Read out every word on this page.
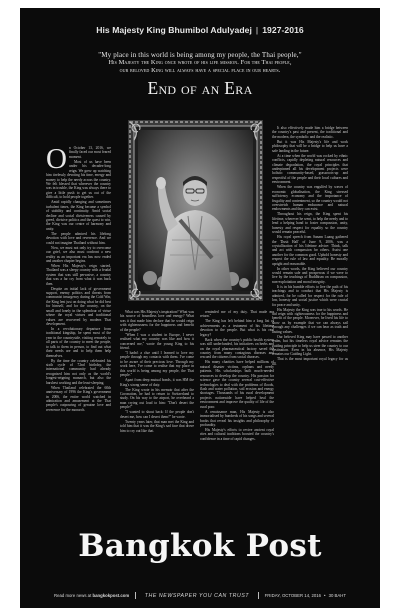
His Majesty King Bhumibol Adulyadej | 1927-2016
"My place in this world is being among my people, the Thai people,"
His Majesty the King once wrote of his life mission. For the Thai people,
our beloved King will always have a special place in our hearts.
End of an Era
O n October 13, 2016, we finally faced our most feared moment.

Most of us have been under his decades-long reign. We grew up watching him tirelessly devoting his time, energy and money to help the needy across the country. We felt blessed that wherever the country was in trouble, the King was always there to give a little push to get us out of the difficult, to hold people together.

Amid rapidly changing and sometimes turbulent times, the King became a symbol of stability and continuity. Amid social decline and social divisiveness caused by greed, divisive politics and the quest to win, the King was our centre of harmony and unity.

The people admired his lifelong devotion with love and reverence. And we could not imagine Thailand without him.

Now, we must not only try to overcome our grief, we also must confront a new reality as an important era has now ended and another chapter begins.

When His Majesty's reign started, Thailand was a sleepy country with a feudal system that was still pervasive, a country that was a far cry from what it was back then.

Despite an initial lack of government support, enemy politics and threats from communist insurgency during the Cold War, the King lent just on doing what he did best for himself, and for the country, on the small and lonely in the splendour of virtue where the royal virtues and traditional values are recovered by modern Thai development.

In a revolutionary departure from traditional kingship, he spent most of the year in the countryside, visiting remotely to all parts of the country to meet the people, to talk to them in person, to find out what their needs are and to help them help themselves.

By the time the country celebrated his sixth cycle of 72nd birthday, the international community had already recognised him not only as the world's longest-reigning monarch, but also the harshest working and the least-sleeping.

When Thailand celebrated the 60th anniversary of 1996 the King's government in 2006, the entire world watched in admiration and amazement at the Thai people's outpouring of genuine love and reverence for the monarch.

What was His Majesty's inspiration? What was his source of boundless love and energy? What was it that made him declare that he would reign with righteousness for the happiness and benefit of the people?

"When I was a student in Europe, I never realised what my country was like and how it concerned me," wrote the young King to his friend.

"I hadn't a clue until I learned to love my people through my contacts with them. I've come to be aware of their precious love. Through my work here, I've come to realise that my place in this world is being among my people, the Thai people."

Apart from deep mutual bonds, it was HM the King's strong sense of duty.

The King wrote in his memoir that after the Coronation, he had to return to Switzerland to study. On his way to the airport, he overheard a man crying out loud to him: "Don't desert the people!"

"I wanted to shout back: If the people don't desert me, how can I desert them?" he wrote.

Twenty years later, that man met the King and told him that it was the King's sad face that drove him to cry out like that.

reminded me of my duty. That made me return."

The King has left behind him a long list of achievements as a testament of his lifetime devotion to the people. But what is his real legacy?

Back when the country's public health system was still underfunded, his initiatives on herbs and on the royal pharmaceutical factory saved the country from many contagious diseases and rescued the citizens from social diseases.

His many charities have helped millions of natural disaster victims, orphans and needy patients. His scholarships built much-needed resources to develop the country. His passion for science gave the country several cost-effective technologies to deal with the problems of floods, flash and water pollution, soil erosion and energy shortages. Thousands of his rural development projects nationwide have helped heal the environment and improve the quality of life of the rural poor.

A renaissance man, His Majesty is also immortalised by hundreds of his songs and several books that reveal his insights and philosophy of profundity.

His Majesty's efforts to revive ancient royal rites and cultural traditions boosted the country's confidence in a time of rapid changes.

It also effectively made him a bridge between the country's past and present, the traditional and the modern, the symbolic and the realistic.

But it was His Majesty's life and work philosophy that will be a bridge to help us have a safe landing in the future.

At a time when the world was rocked by ethnic conflicts, rapidly depleting natural resources and climate degradation, the royal principles that underpinned all his development projects were holistic community-based, grassroots-up and respectful of the people and their local cultures and environment.

When the country was engulfed by waves of economic globalisation, the King stressed sufficiency economy and the importance of frugality and contentment, so the country would not overstretch human endurance and natural endowments and they can exist.

Throughout his reign, the King spent his lifetime, wherever he went, to help the needy and to lend a helping hand to foster compassion, unity, honesty and respect for equality so the country would remain peaceful.

His royal speech from Sanam Luang gathered the 'Dusit Hall' of June 9, 2006, was a crystallisation of his lifetime advice: Think, talk and act with compassion for others. Assist one another for the common good. Uphold honesty and respect the rule of law and equality. Be morally upright and reasonable.

In other words, the King believed our country would remain safe and prosperous if we were to live by the teachings of Buddhism on compassion, non-exploitation and moral integrity.

It is in his humble efforts to live the path of his teachings and to conduct that His Majesty is admired, for he called for respect for the rule of law, honesty and social justice which were crucial for peace and unity.

His Majesty the King was true to his words. He did reign with righteousness for the happiness and benefit of the people. Moreover, he lived his life to show us by example that we can always sail through any challenges if we can hear as truth and lasting values.

Our beloved King may have passed to another realm, but his timeless royal advice remains the guiding principle to help us steer the country to our destination. Even in his absence, His Majesty remains our Guiding Light.

That is the most important royal legacy for us all.

Bangkok Post
Read more news at bangkokpost.com	THE NEWSPAPER YOU CAN TRUST	FRIDAY, OCTOBER 14, 2016 • 30 BAHT
